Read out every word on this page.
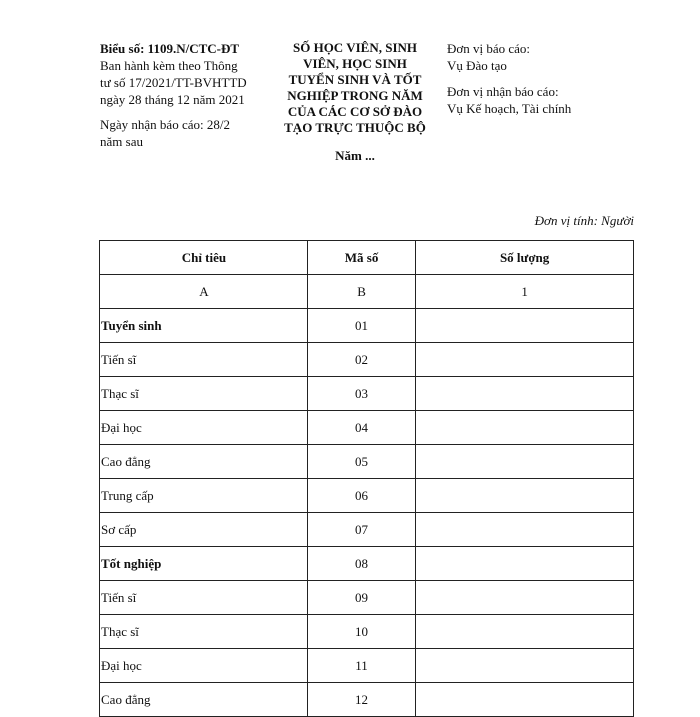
Biểu số: 1109.N/CTC-ĐT
Ban hành kèm theo Thông
tư số 17/2021/TT-BVHTTD
ngày 28 tháng 12 năm 2021
Ngày nhận báo cáo: 28/2
năm sau
SỐ HỌC VIÊN, SINH
VIÊN, HỌC SINH
TUYỂN SINH VÀ TỐT
NGHIỆP TRONG NĂM
CỦA CÁC CƠ SỞ ĐÀO
TẠO TRỰC THUỘC BỘ
Năm ...
Đơn vị báo cáo:
Vụ Đào tạo
Đơn vị nhận báo cáo:
Vụ Kế hoạch, Tài chính
Đơn vị tính: Người
Chỉ tiêu	Mã số	Số lượng
A	B	1
Tuyển sinh	01	
Tiến sĩ	02	
Thạc sĩ	03	
Đại học	04	
Cao đẳng	05	
Trung cấp	06	
Sơ cấp	07	
Tốt nghiệp	08	
Tiến sĩ	09	
Thạc sĩ	10	
Đại học	11	
Cao đẳng	12	
